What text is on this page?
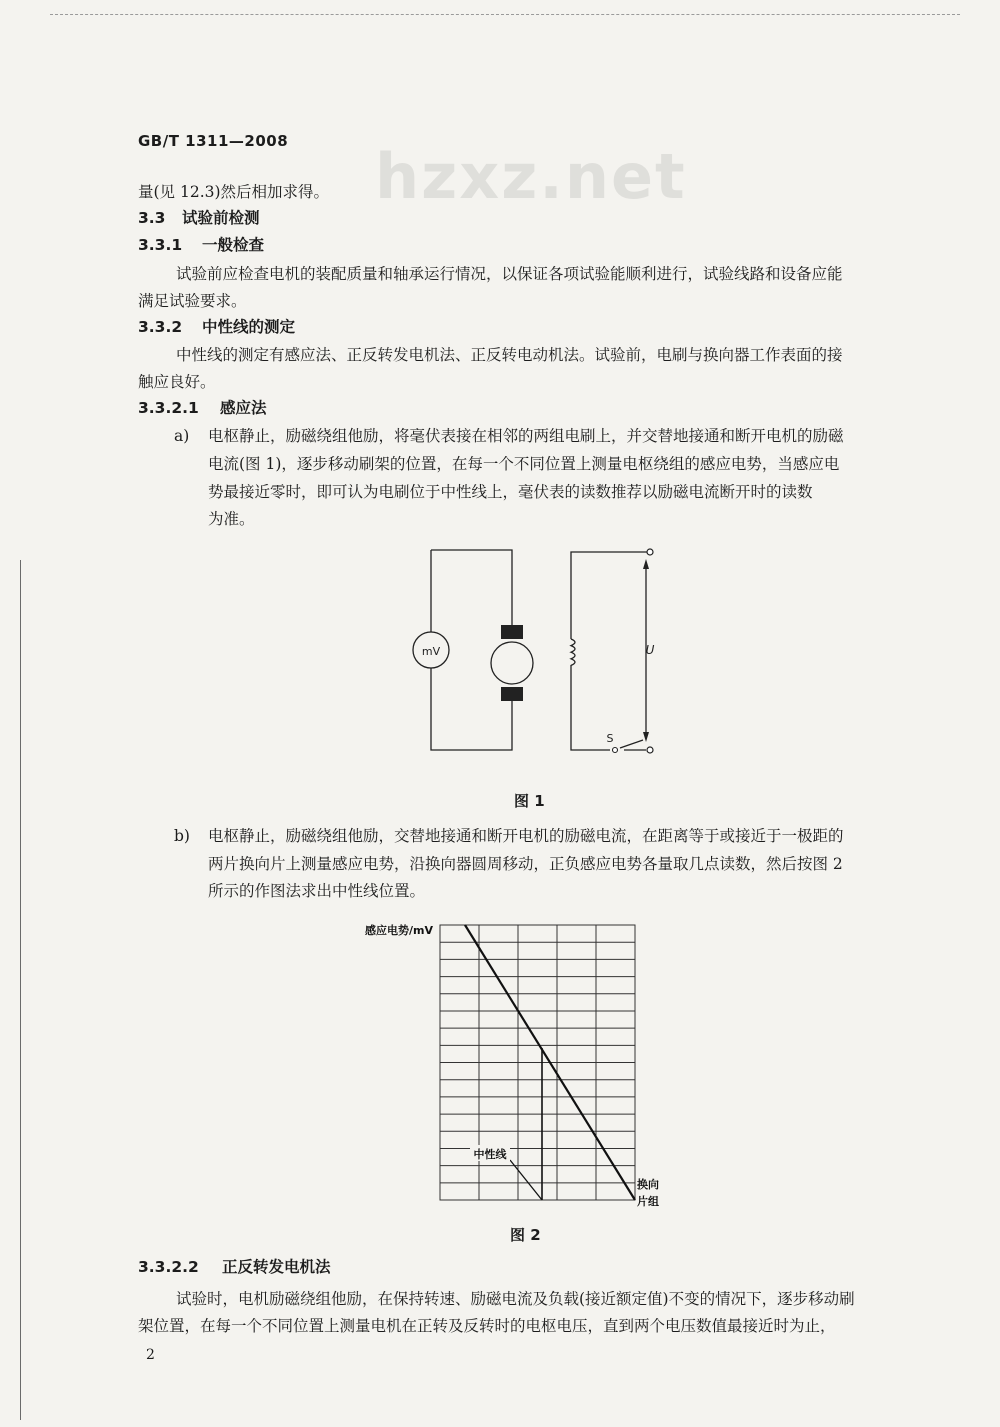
GB/T 1311—2008 hzxz.net
量(见 12.3)然后相加求得。
3.3 试验前检测
3.3.1 一般检查
试验前应检查电机的装配质量和轴承运行情况，以保证各项试验能顺利进行，试验线路和设备应能
满足试验要求。
3.3.2 中性线的测定
中性线的测定有感应法、正反转发电机法、正反转电动机法。试验前，电刷与换向器工作表面的接
触应良好。
3.3.2.1 感应法
a) 电枢静止，励磁绕组他励，将毫伏表接在相邻的两组电刷上，并交替地接通和断开电机的励磁
电流(图 1)，逐步移动刷架的位置，在每一个不同位置上测量电枢绕组的感应电势，当感应电
势最接近零时，即可认为电刷位于中性线上，毫伏表的读数推荐以励磁电流断开时的读数
为准。
mV	U
S
图 1
b) 电枢静止，励磁绕组他励，交替地接通和断开电机的励磁电流，在距离等于或接近于一极距的
两片换向片上测量感应电势，沿换向器圆周移动，正负感应电势各量取几点读数，然后按图 2
所示的作图法求出中性线位置。
中性线
感应电势/mV
换向
片组
图 2
3.3.2.2 正反转发电机法
试验时，电机励磁绕组他励，在保持转速、励磁电流及负载(接近额定值)不变的情况下，逐步移动刷
架位置，在每一个不同位置上测量电机在正转及反转时的电枢电压，直到两个电压数值最接近时为止，
2
